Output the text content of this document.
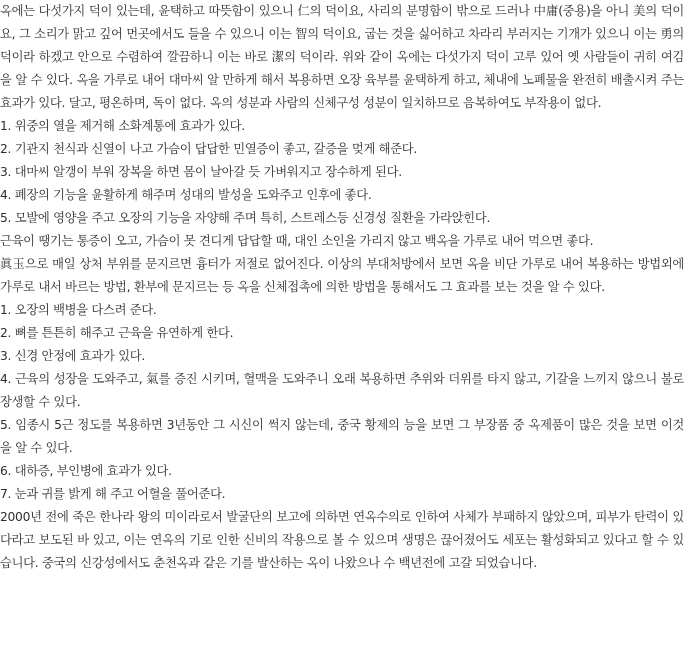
옥에는 다섯가지 덕이 있는데, 윤택하고 따뜻함이 있으니 仁의 덕이요, 사리의 분명함이 밖으로 드러나 中庸(중용)을 아니 美의 덕이요, 그 소리가 맑고 깊어 먼곳에서도 들을 수 있으니 이는 智의 덕이요, 굽는 것을 싫어하고 차라리 부러지는 기개가 있으니 이는 勇의 덕이라 하겠고 안으로 수렴하여 깔끔하니 이는 바로 潔의 덕이라. 위와 같이 옥에는 다섯가지 덕이 고루 있어 옛 사람들이 귀히 여김을 알 수 있다. 옥을 가루로 내어 대마씨 알 만하게 해서 복용하면 오장 육부를 윤택하게 하고, 체내에 노폐물을 완전히 배출시켜 주는 효과가 있다. 달고, 평온하며, 독이 없다. 옥의 성분과 사람의 신체구성 성분이 일치하므로 음복하여도 부작용이 없다.

1. 위중의 열을 제거해 소화계통에 효과가 있다.

2. 기관지 천식과 신열이 나고 가슴이 답답한 민열증이 좋고, 갈증을 멎게 해준다.

3. 대마씨 알갱이 부워 장복을 하면 몸이 날아갈 듯 가벼워지고 장수하게 된다.

4. 폐장의 기능을 윤활하게 해주며 성대의 발성을 도와주고 인후에 좋다.

5. 모발에 영양을 주고 오장의 기능을 자양해 주며 특히, 스트레스등 신경성 질환을 가라앉힌다.

근육이 땡기는 통증이 오고, 가슴이 못 견디게 답답할 때, 대인 소인을 가리지 않고 백옥을 가루로 내어 먹으면 좋다.

眞玉으로 매일 상처 부위를 문지르면 흉터가 저절로 없어진다. 이상의 부대처방에서 보면 옥을 비단 가루로 내어 복용하는 방법외에 가루로 내서 바르는 방법, 환부에 문지르는 등 옥을 신체접촉에 의한 방법을 통해서도 그 효과를 보는 것을 알 수 있다.

1. 오장의 백병을 다스려 준다.

2. 뼈를 튼튼히 해주고 근육을 유연하게 한다.

3. 신경 안정에 효과가 있다.

4. 근육의 성장을 도와주고, 氣를 증진 시키며, 혈맥을 도와주니 오래 복용하면 추위와 더위를 타지 않고, 기갈을 느끼지 않으니 불로장생할 수 있다.

5. 임종시 5근 정도를 복용하면 3년동안 그 시신이 썩지 않는데, 중국 황제의 능을 보면 그 부장품 중 옥제품이 많은 것을 보면 이것을 알 수 있다.

6. 대하증, 부인병에 효과가 있다.

7. 눈과 귀를 밝게 해 주고 어혈을 풀어준다.

2000년 전에 죽은 한나라 왕의 미이라로서 발굴단의 보고에 의하면 연옥수의로 인하여 사체가 부패하지 않았으며, 피부가 탄력이 있다라고 보도된 바 있고, 이는 연옥의 기로 인한 신비의 작용으로 볼 수 있으며 생명은 끊어졌어도 세포는 활성화되고 있다고 할 수 있습니다. 중국의 신강성에서도 춘천옥과 같은 기를 발산하는 옥이 나왔으나 수 백년전에 고갈 되었습니다.
